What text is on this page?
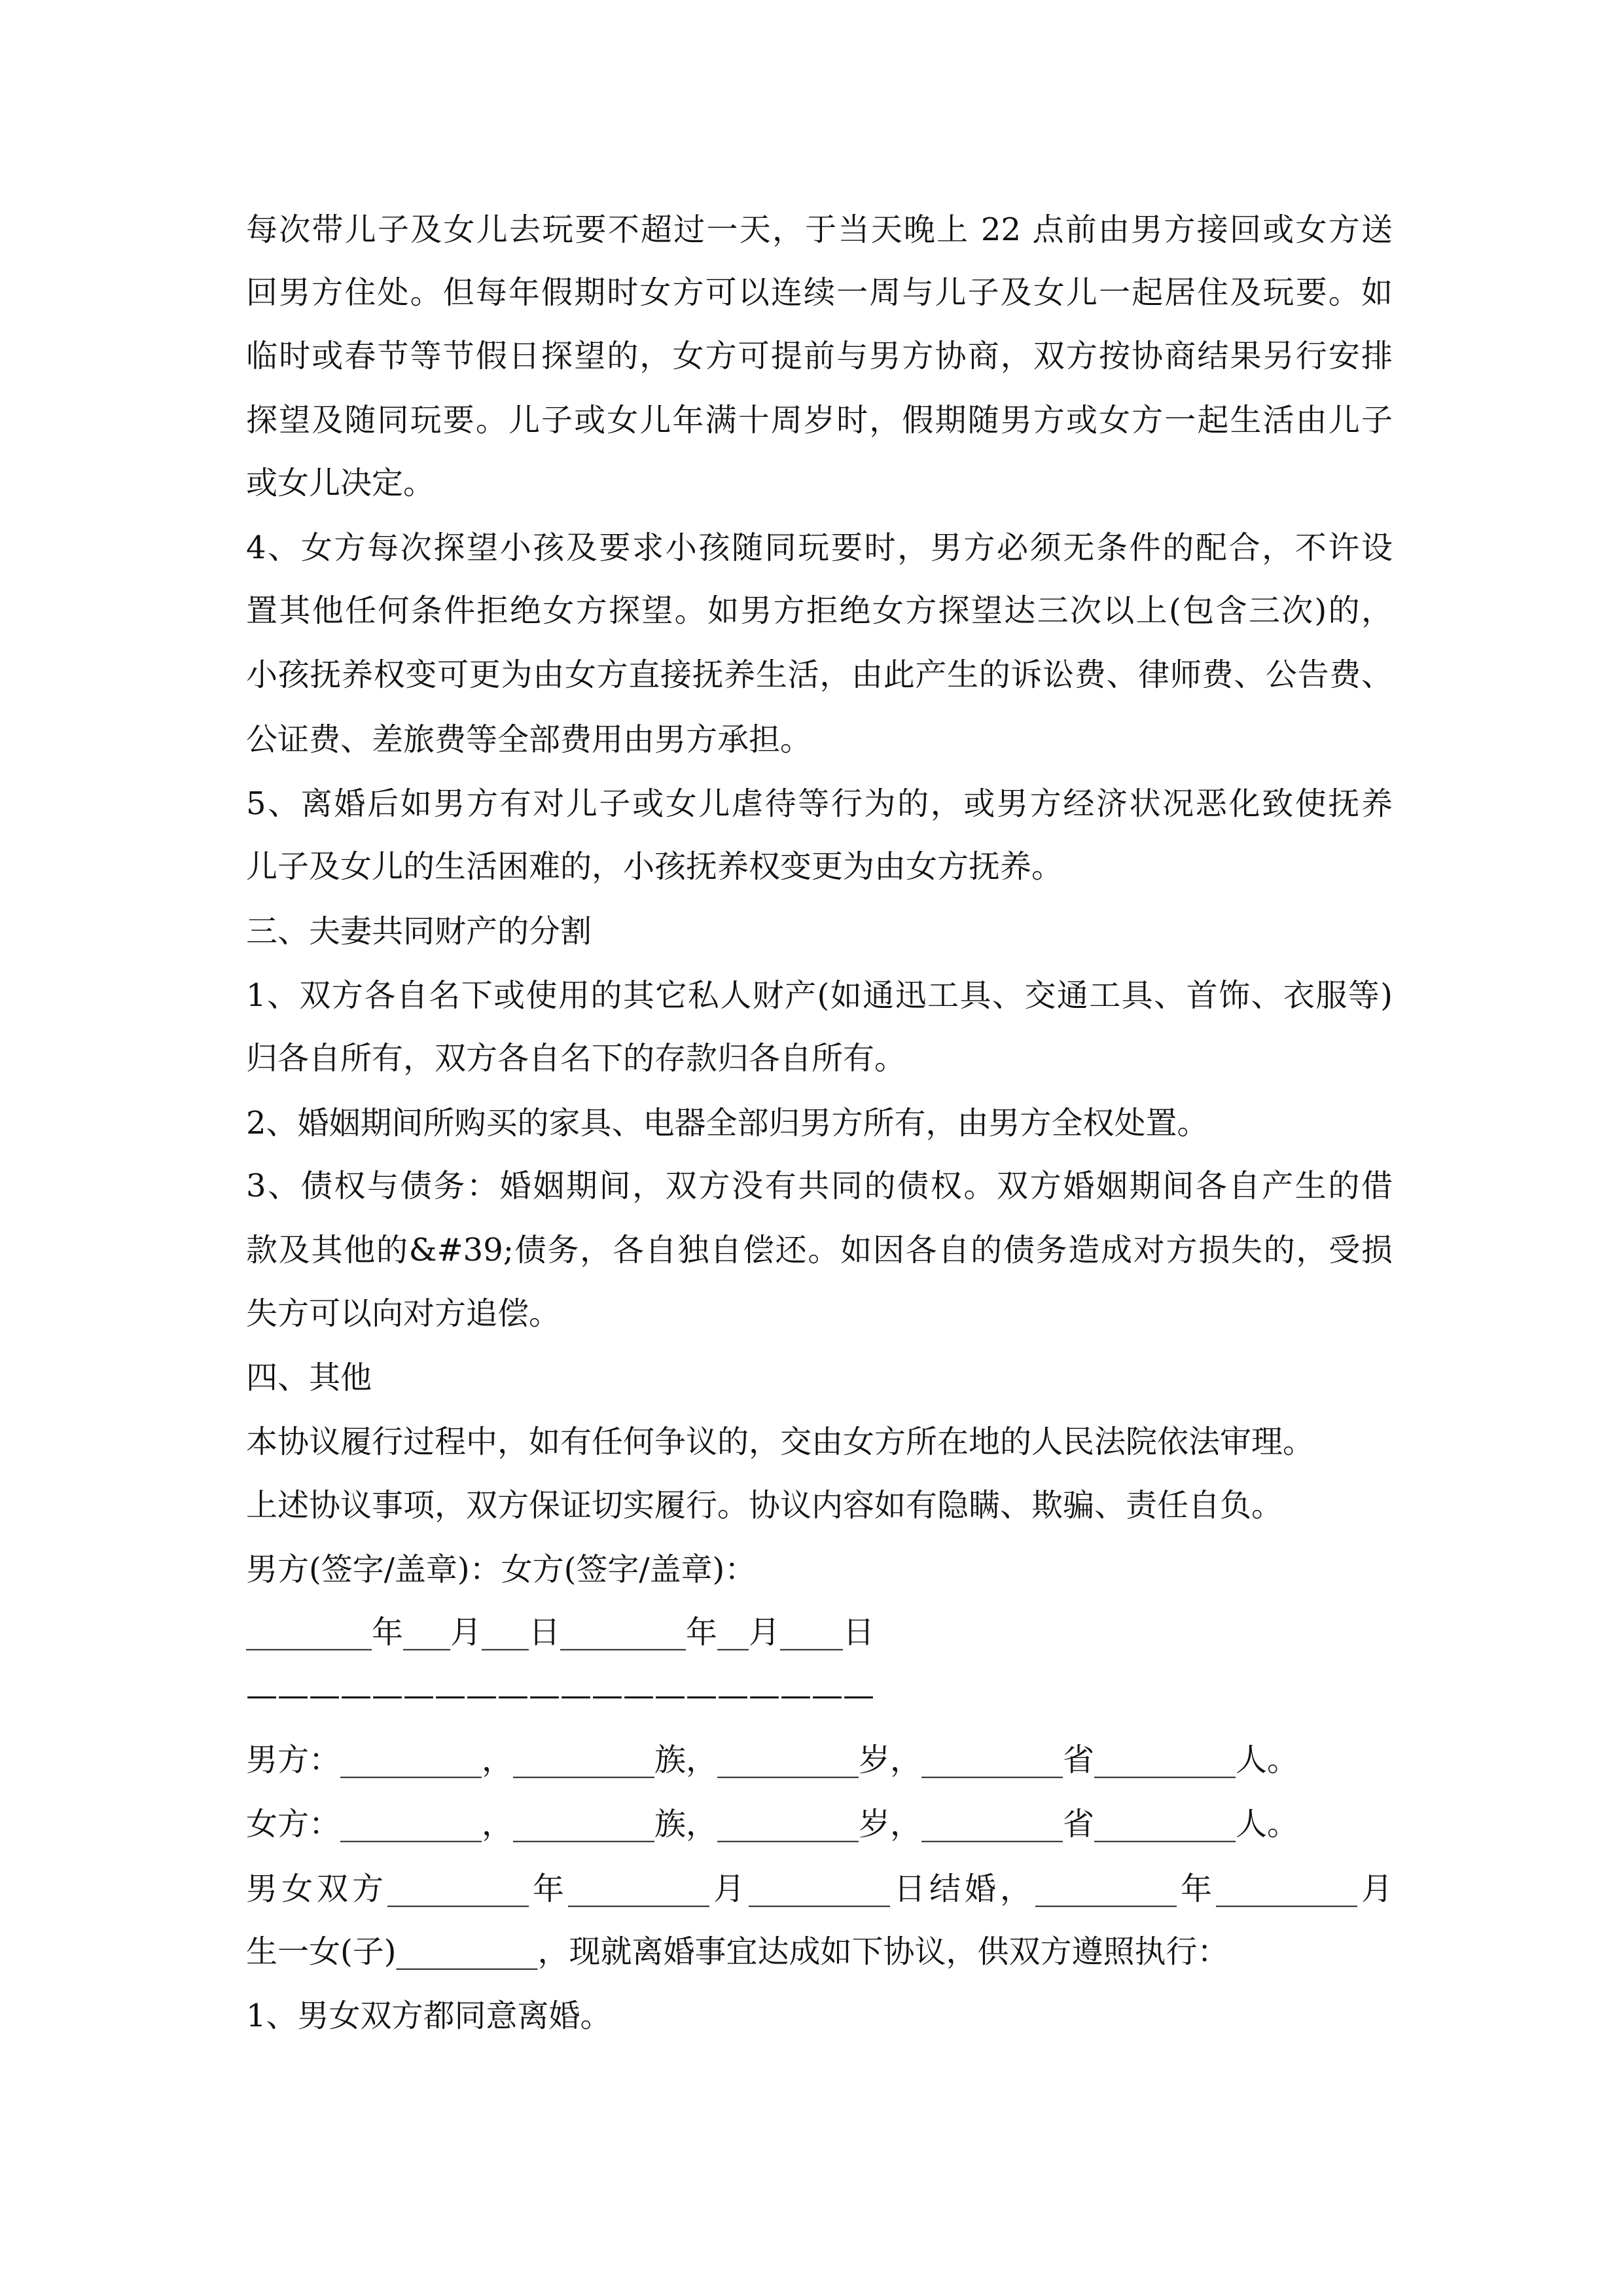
每次带儿子及女儿去玩要不超过一天，于当天晚上 22 点前由男方接回或女方送
回男方住处。但每年假期时女方可以连续一周与儿子及女儿一起居住及玩要。如
临时或春节等节假日探望的，女方可提前与男方协商，双方按协商结果另行安排
探望及随同玩要。儿子或女儿年满十周岁时，假期随男方或女方一起生活由儿子
或女儿决定。
4、女方每次探望小孩及要求小孩随同玩要时，男方必须无条件的配合，不许设
置其他任何条件拒绝女方探望。如男方拒绝女方探望达三次以上(包含三次)的，
小孩抚养权变可更为由女方直接抚养生活，由此产生的诉讼费、律师费、公告费、
公证费、差旅费等全部费用由男方承担。
5、离婚后如男方有对儿子或女儿虐待等行为的，或男方经济状况恶化致使抚养
儿子及女儿的生活困难的，小孩抚养权变更为由女方抚养。
三、夫妻共同财产的分割
1、双方各自名下或使用的其它私人财产(如通迅工具、交通工具、首饰、衣服等)
归各自所有，双方各自名下的存款归各自所有。
2、婚姻期间所购买的家具、电器全部归男方所有，由男方全权处置。
3、债权与债务：婚姻期间，双方没有共同的债权。双方婚姻期间各自产生的借
款及其他的&#39;债务，各自独自偿还。如因各自的债务造成对方损失的，受损
失方可以向对方追偿。
四、其他
本协议履行过程中，如有任何争议的，交由女方所在地的人民法院依法审理。
上述协议事项，双方保证切实履行。协议内容如有隐瞒、欺骗、责任自负。
男方(签字/盖章)：女方(签字/盖章)：
________年___月___日________年__月____日
————————————————————
男方：_________，_________族，_________岁，_________省_________人。
女方：_________，_________族，_________岁，_________省_________人。
男女双方_________年_________月_________日结婚，_________年_________月
生一女(子)_________，现就离婚事宜达成如下协议，供双方遵照执行：
1、男女双方都同意离婚。
